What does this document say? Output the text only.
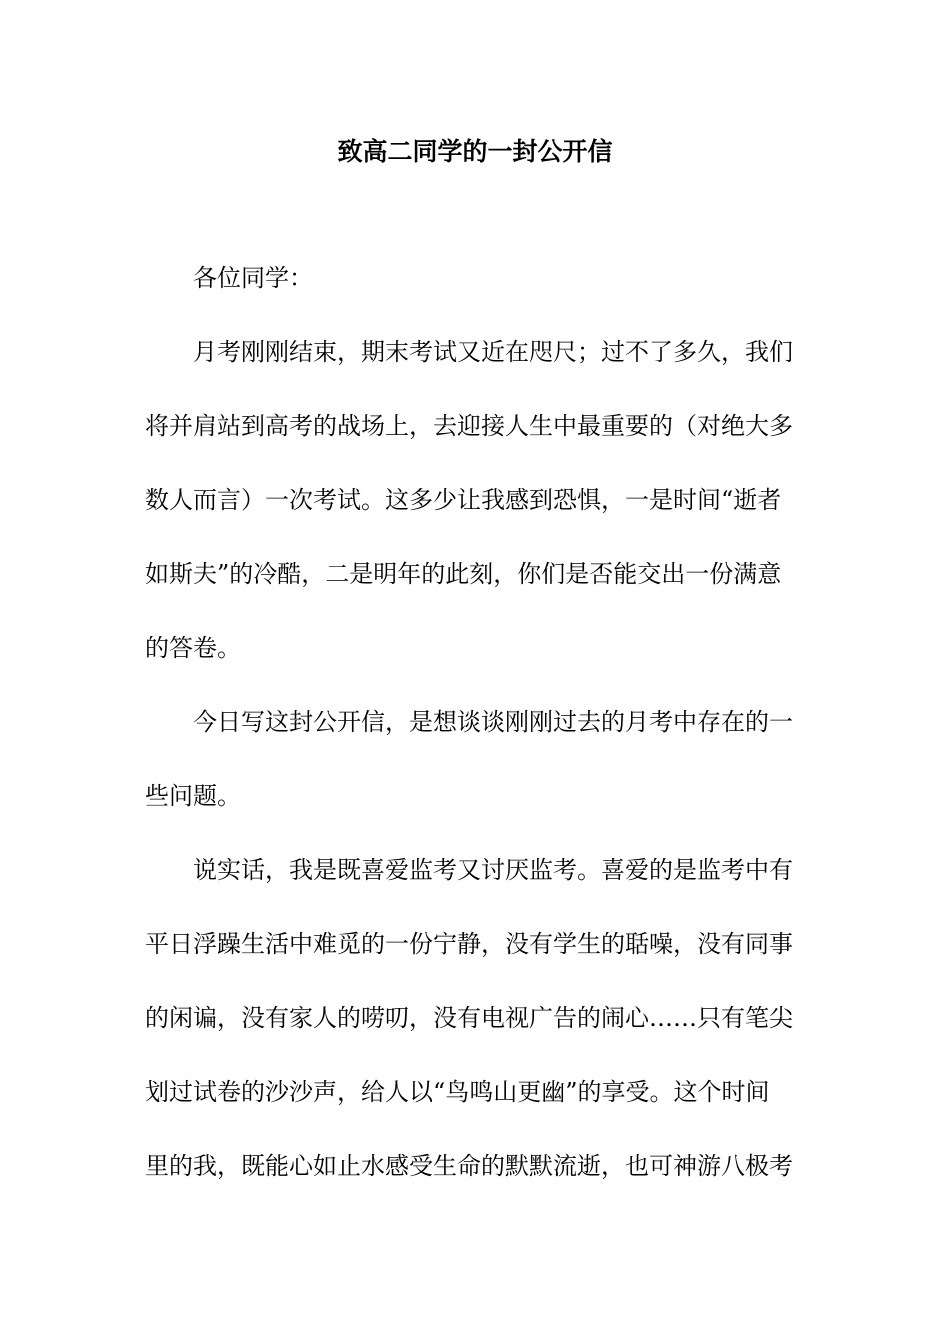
致高二同学的一封公开信
各位同学：
月考刚刚结束，期末考试又近在咫尺；过不了多久，我们
将并肩站到高考的战场上，去迎接人生中最重要的（对绝大多
数人而言）一次考试。这多少让我感到恐惧，一是时间“逝者
如斯夫”的冷酷，二是明年的此刻，你们是否能交出一份满意
的答卷。
今日写这封公开信，是想谈谈刚刚过去的月考中存在的一
些问题。
说实话，我是既喜爱监考又讨厌监考。喜爱的是监考中有
平日浮躁生活中难觅的一份宁静，没有学生的聒噪，没有同事
的闲谝，没有家人的唠叨，没有电视广告的闹心……只有笔尖
划过试卷的沙沙声，给人以“鸟鸣山更幽”的享受。这个时间
里的我，既能心如止水感受生命的默默流逝，也可神游八极考
